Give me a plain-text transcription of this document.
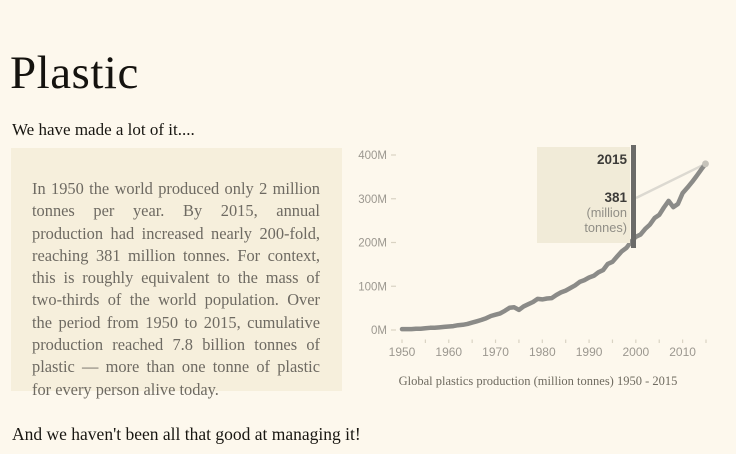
Plastic
We have made a lot of it....

In 1950 the world produced only 2 million tonnes per year. By 2015, annual production had increased nearly 200-fold, reaching 381 million tonnes. For context, this is roughly equivalent to the mass of two-thirds of the world population. Over the period from 1950 to 2015, cumulative production reached 7.8 billion tonnes of plastic — more than one tonne of plastic for every person alive today.

And we haven't been all that good at managing it!
0M
100M
200M
300M
400M
1950 1960 1970 1980 1990 2000 2010
2015
381
(million
tonnes)
Global plastics production (million tonnes) 1950 - 2015
